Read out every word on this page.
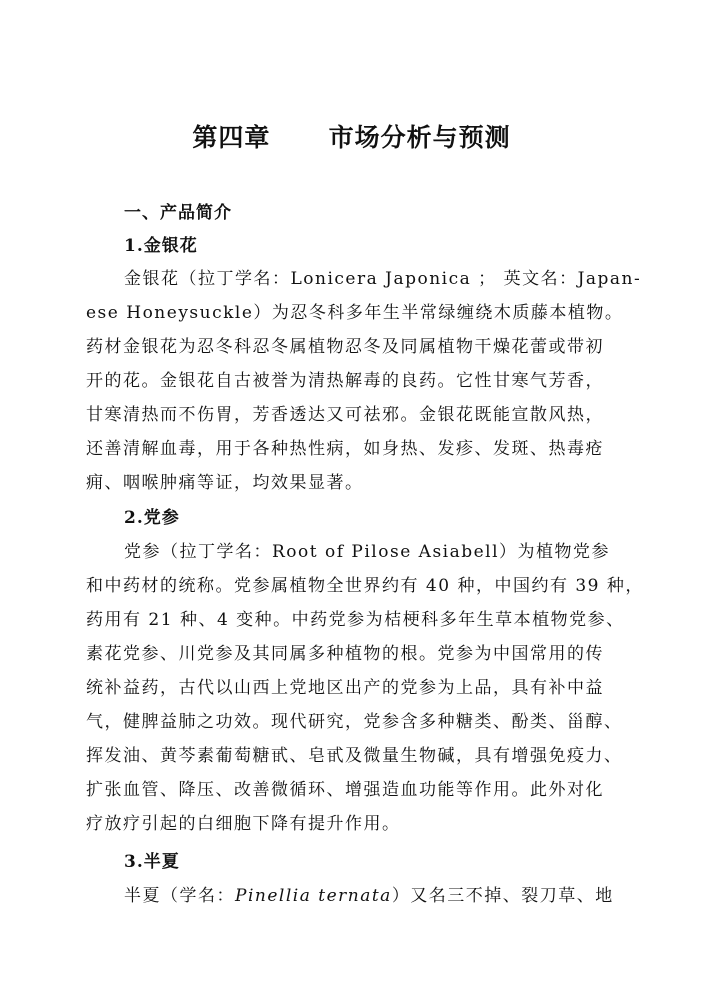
第四章      市场分析与预测
一、产品简介
1.金银花
金银花（拉丁学名：Lonicera Japonica ； 英文名：Japan-
ese Honeysuckle）为忍冬科多年生半常绿缠绕木质藤本植物。
药材金银花为忍冬科忍冬属植物忍冬及同属植物干燥花蕾或带初
开的花。金银花自古被誉为清热解毒的良药。它性甘寒气芳香，
甘寒清热而不伤胃，芳香透达又可祛邪。金银花既能宣散风热，
还善清解血毒，用于各种热性病，如身热、发疹、发斑、热毒疮
痈、咽喉肿痛等证，均效果显著。
2.党参
党参（拉丁学名：Root of Pilose Asiabell）为植物党参
和中药材的统称。党参属植物全世界约有 40 种，中国约有 39 种，
药用有 21 种、4 变种。中药党参为桔梗科多年生草本植物党参、
素花党参、川党参及其同属多种植物的根。党参为中国常用的传
统补益药，古代以山西上党地区出产的党参为上品，具有补中益
气，健脾益肺之功效。现代研究，党参含多种糖类、酚类、甾醇、
挥发油、黄芩素葡萄糖甙、皂甙及微量生物碱，具有增强免疫力、
扩张血管、降压、改善微循环、增强造血功能等作用。此外对化
疗放疗引起的白细胞下降有提升作用。
3.半夏
半夏（学名：Pinellia ternata）又名三不掉、裂刀草、地
